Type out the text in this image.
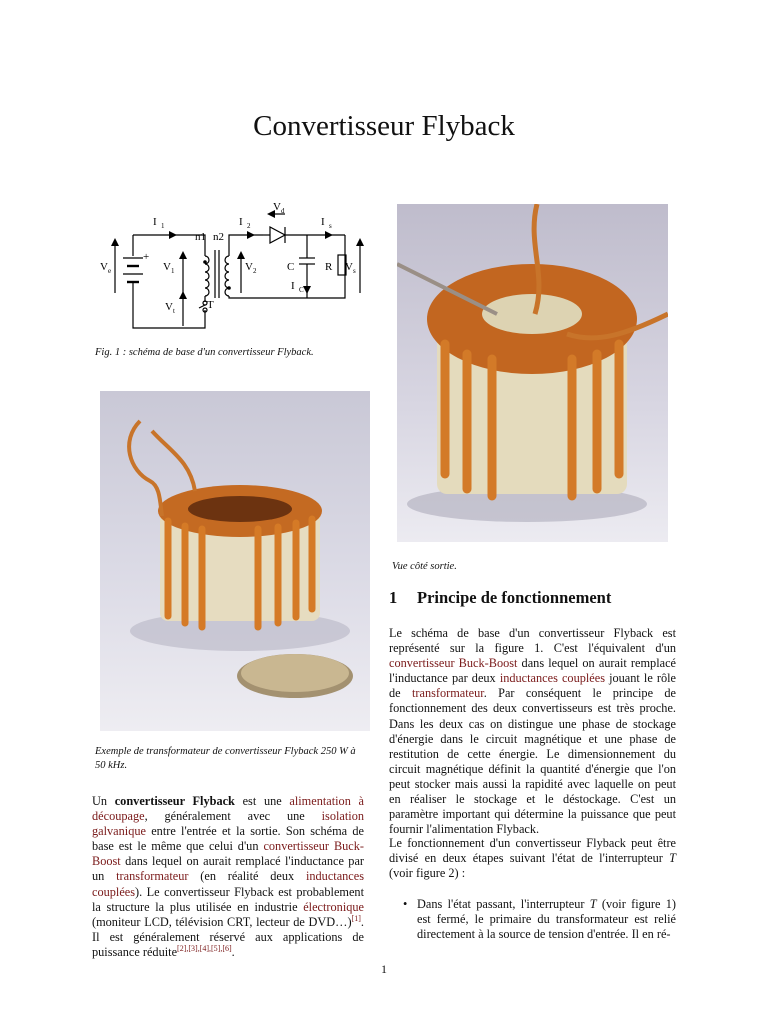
Convertisseur Flyback
I 1	I 2	I s
I C
V d
V e	V 1	V 2
V t
V s
n1 n2
C	R
T
+
Fig. 1 : schéma de base d'un convertisseur Flyback.
Exemple de transformateur de convertisseur Flyback 250 W à 50 kHz.
Vue côté sortie.

Un convertisseur Flyback est une alimentation à découpage, généralement avec une isolation galvanique entre l'entrée et la sortie. Son schéma de base est le même que celui d'un convertisseur Buck-Boost dans lequel on aurait remplacé l'inductance par un transformateur (en réalité deux inductances couplées). Le convertisseur Flyback est probablement la structure la plus utilisée en industrie électronique (moniteur LCD, télévision CRT, lecteur de DVD…)[1]. Il est généralement réservé aux applications de puissance réduite[2],[3],[4],[5],[6].

1 Principe de fonctionnement

Le schéma de base d'un convertisseur Flyback est représenté sur la figure 1. C'est l'équivalent d'un convertisseur Buck-Boost dans lequel on aurait remplacé l'inductance par deux inductances couplées jouant le rôle de transformateur. Par conséquent le principe de fonctionnement des deux convertisseurs est très proche. Dans les deux cas on distingue une phase de stockage d'énergie dans le circuit magnétique et une phase de restitution de cette énergie. Le dimensionnement du circuit magnétique définit la quantité d'énergie que l'on peut stocker mais aussi la rapidité avec laquelle on peut en réaliser le stockage et le déstockage. C'est un paramètre important qui détermine la puissance que peut fournir l'alimentation Flyback.

Le fonctionnement d'un convertisseur Flyback peut être divisé en deux étapes suivant l'état de l'interrupteur T (voir figure 2) :

• Dans l'état passant, l'interrupteur T (voir figure 1) est fermé, le primaire du transformateur est relié directement à la source de tension d'entrée. Il en ré-

1
